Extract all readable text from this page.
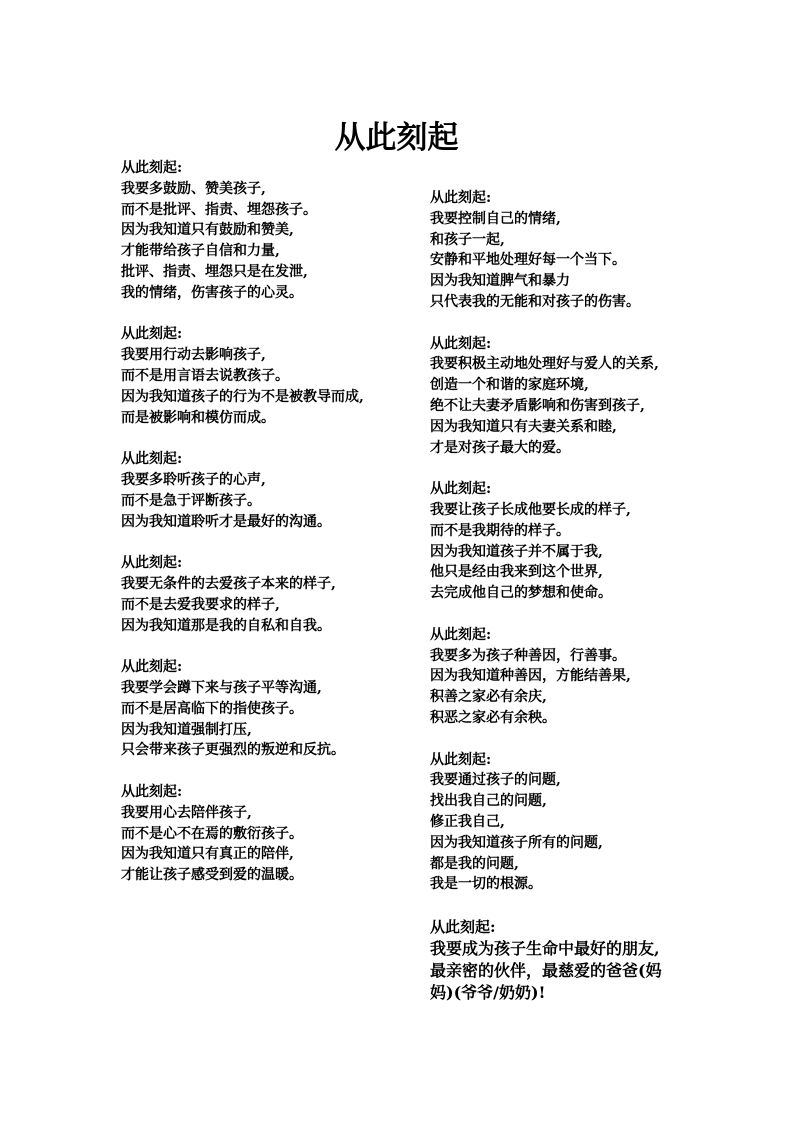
从此刻起
从此刻起:
我要多鼓励、赞美孩子,
而不是批评、指责、埋怨孩子。
因为我知道只有鼓励和赞美,
才能带给孩子自信和力量,
批评、指责、埋怨只是在发泄,
我的情绪，伤害孩子的心灵。
从此刻起:
我要用行动去影响孩子,
而不是用言语去说教孩子。
因为我知道孩子的行为不是被教导而成,
而是被影响和模仿而成。
从此刻起:
我要多聆听孩子的心声,
而不是急于评断孩子。
因为我知道聆听才是最好的沟通。
从此刻起:
我要无条件的去爱孩子本来的样子,
而不是去爱我要求的样子,
因为我知道那是我的自私和自我。
从此刻起:
我要学会蹲下来与孩子平等沟通,
而不是居高临下的指使孩子。
因为我知道强制打压,
只会带来孩子更强烈的叛逆和反抗。
从此刻起:
我要用心去陪伴孩子,
而不是心不在焉的敷衍孩子。
因为我知道只有真正的陪伴,
才能让孩子感受到爱的温暖。
从此刻起:
我要控制自己的情绪,
和孩子一起,
安静和平地处理好每一个当下。
因为我知道脾气和暴力
只代表我的无能和对孩子的伤害。
从此刻起:
我要积极主动地处理好与爱人的关系,
创造一个和谐的家庭环境,
绝不让夫妻矛盾影响和伤害到孩子,
因为我知道只有夫妻关系和睦,
才是对孩子最大的爱。
从此刻起:
我要让孩子长成他要长成的样子,
而不是我期待的样子。
因为我知道孩子并不属于我,
他只是经由我来到这个世界,
去完成他自己的梦想和使命。
从此刻起:
我要多为孩子种善因，行善事。
因为我知道种善因，方能结善果,
积善之家必有余庆,
积恶之家必有余秧。
从此刻起:
我要通过孩子的问题,
找出我自己的问题,
修正我自己,
因为我知道孩子所有的问题,
都是我的问题,
我是一切的根源。
从此刻起:
我要成为孩子生命中最好的朋友,
最亲密的伙伴，最慈爱的爸爸(妈
妈)(爷爷/奶奶)!
